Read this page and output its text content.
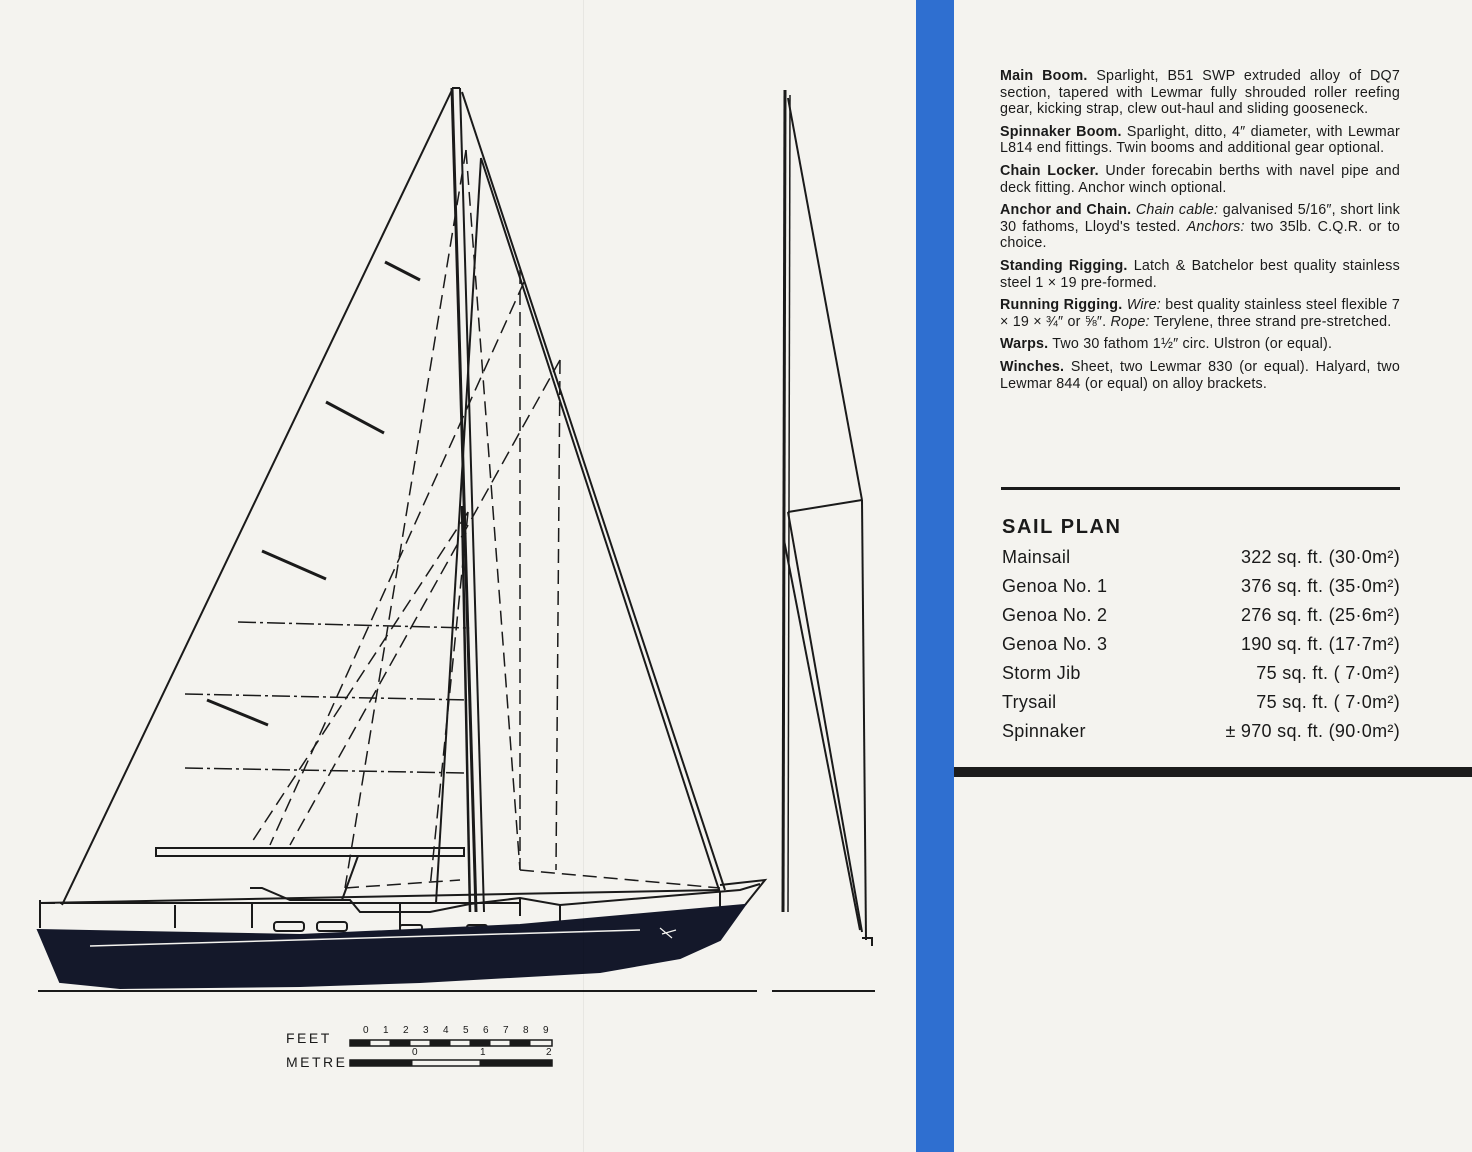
FEET
METRE
0	1	2	3	4	5	6	7	8	9
0	1	2

Main Boom. Sparlight, B51 SWP extruded alloy of DQ7 section, tapered with Lewmar fully shrouded roller reefing gear, kicking strap, clew out-haul and sliding gooseneck.

Spinnaker Boom. Sparlight, ditto, 4″ diameter, with Lewmar L814 end fittings. Twin booms and additional gear optional.

Chain Locker. Under forecabin berths with navel pipe and deck fitting. Anchor winch optional.

Anchor and Chain. Chain cable: galvanised 5/16″, short link 30 fathoms, Lloyd's tested. Anchors: two 35lb. C.Q.R. or to choice.

Standing Rigging. Latch & Batchelor best quality stainless steel 1 × 19 pre-formed.

Running Rigging. Wire: best quality stainless steel flexible 7 × 19 × ¾″ or ⅝″. Rope: Terylene, three strand pre-stretched.

Warps. Two 30 fathom 1½″ circ. Ulstron (or equal).

Winches. Sheet, two Lewmar 830 (or equal). Halyard, two Lewmar 844 (or equal) on alloy brackets.

SAIL PLAN
Mainsail	322 sq. ft. (30·0m²)
Genoa No. 1	376 sq. ft. (35·0m²)
Genoa No. 2	276 sq. ft. (25·6m²)
Genoa No. 3	190 sq. ft. (17·7m²)
Storm Jib	75 sq. ft. ( 7·0m²)
Trysail	75 sq. ft. ( 7·0m²)
Spinnaker	± 970 sq. ft. (90·0m²)
